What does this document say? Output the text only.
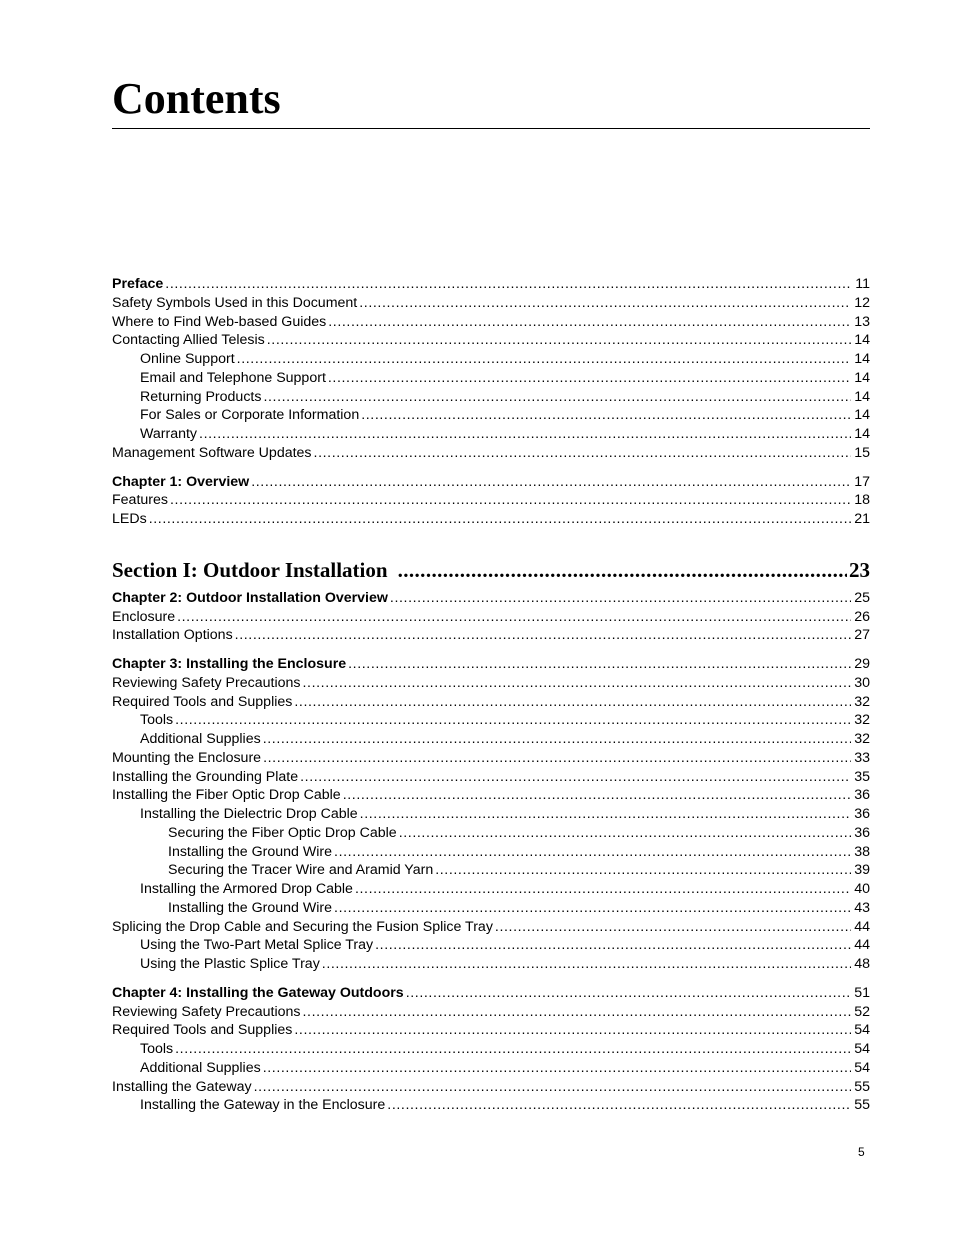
Contents
Preface .....	11
Safety Symbols Used in this Document .....	12
Where to Find Web-based Guides .....	13
Contacting Allied Telesis .....	14
Online Support .....	14
Email and Telephone Support .....	14
Returning Products .....	14
For Sales or Corporate Information .....	14
Warranty .....	14
Management Software Updates .....	15
Chapter 1: Overview .....	17
Features .....	18
LEDs .....	21
Section I: Outdoor Installation .....	23
Chapter 2: Outdoor Installation Overview .....	25
Enclosure .....	26
Installation Options .....	27
Chapter 3: Installing the Enclosure .....	29
Reviewing Safety Precautions .....	30
Required Tools and Supplies .....	32
Tools .....	32
Additional Supplies .....	32
Mounting the Enclosure .....	33
Installing the Grounding Plate .....	35
Installing the Fiber Optic Drop Cable .....	36
Installing the Dielectric Drop Cable .....	36
Securing the Fiber Optic Drop Cable .....	36
Installing the Ground Wire .....	38
Securing the Tracer Wire and Aramid Yarn .....	39
Installing the Armored Drop Cable .....	40
Installing the Ground Wire .....	43
Splicing the Drop Cable and Securing the Fusion Splice Tray .....	44
Using the Two-Part Metal Splice Tray .....	44
Using the Plastic Splice Tray .....	48
Chapter 4: Installing the Gateway Outdoors .....	51
Reviewing Safety Precautions .....	52
Required Tools and Supplies .....	54
Tools .....	54
Additional Supplies .....	54
Installing the Gateway .....	55
Installing the Gateway in the Enclosure .....	55
5
